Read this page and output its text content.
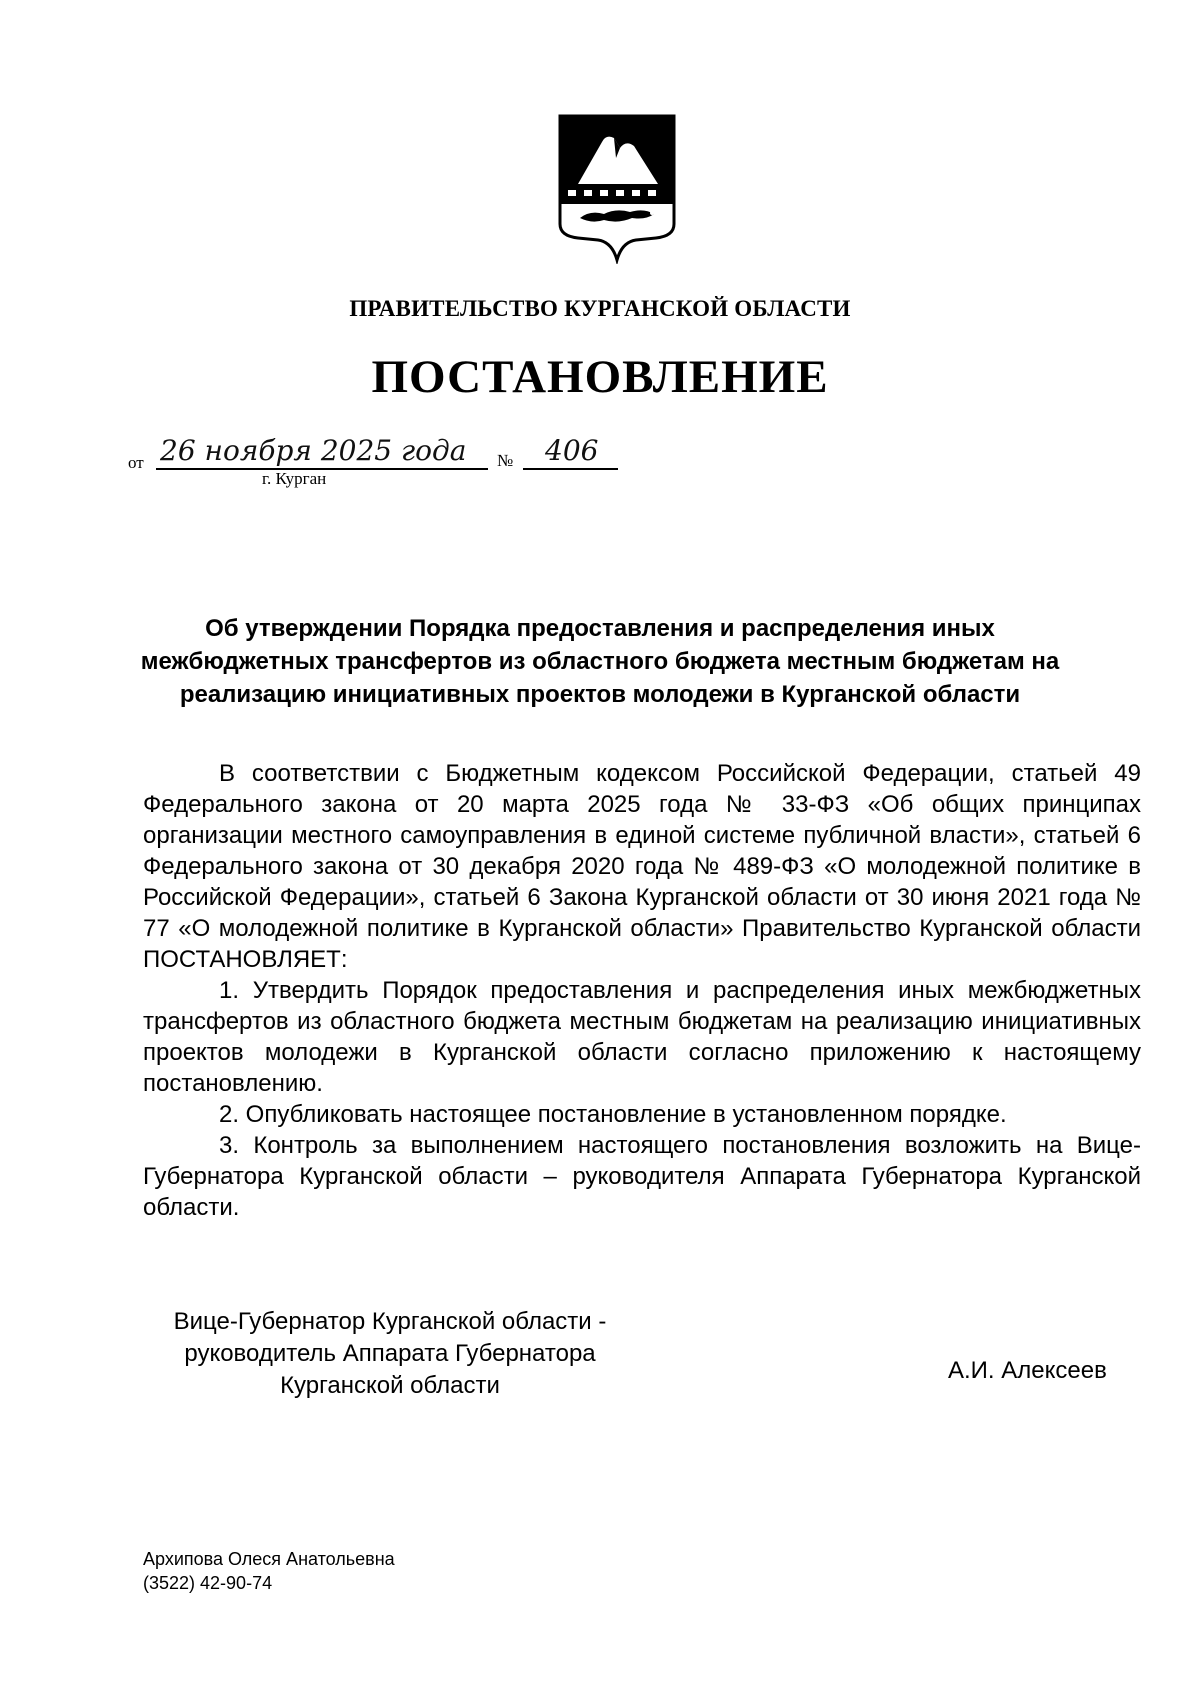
ПРАВИТЕЛЬСТВО КУРГАНСКОЙ ОБЛАСТИ
ПОСТАНОВЛЕНИЕ
от 26 ноября 2025 года № 406
г. Курган
Об утверждении Порядка предоставления и распределения иных межбюджетных трансфертов из областного бюджета местным бюджетам на реализацию инициативных проектов молодежи в Курганской области

В соответствии с Бюджетным кодексом Российской Федерации, статьей 49 Федерального закона от 20 марта 2025 года № 33-ФЗ «Об общих принципах организации местного самоуправления в единой системе публичной власти», статьей 6 Федерального закона от 30 декабря 2020 года № 489-ФЗ «О молодежной политике в Российской Федерации», статьей 6 Закона Курганской области от 30 июня 2021 года № 77 «О молодежной политике в Курганской области» Правительство Курганской области ПОСТАНОВЛЯЕТ:

1. Утвердить Порядок предоставления и распределения иных межбюджетных трансфертов из областного бюджета местным бюджетам на реализацию инициативных проектов молодежи в Курганской области согласно приложению к настоящему постановлению.

2. Опубликовать настоящее постановление в установленном порядке.

3. Контроль за выполнением настоящего постановления возложить на Вице-Губернатора Курганской области – руководителя Аппарата Губернатора Курганской области.

Вице-Губернатор Курганской области -
руководитель Аппарата Губернатора
Курганской области
А.И. Алексеев
Архипова Олеся Анатольевна
(3522) 42-90-74
